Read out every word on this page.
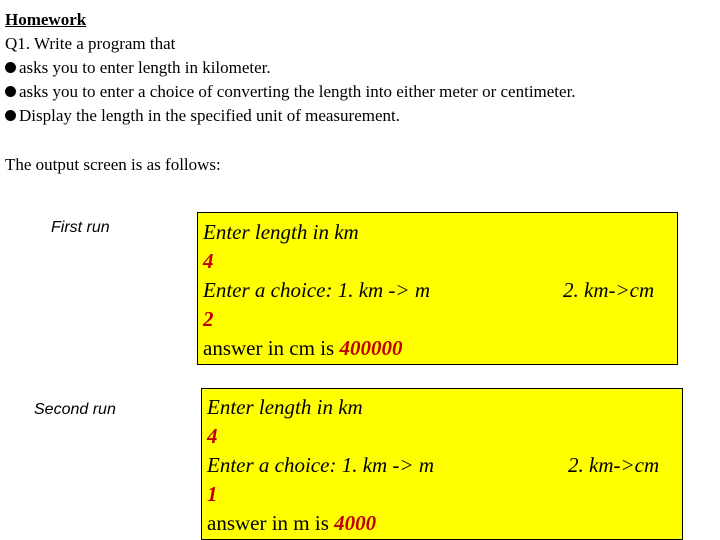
Homework
Q1. Write a program that
asks you to enter length in kilometer.
asks you to enter a choice of converting the length into either meter or centimeter.
Display the length in the specified unit of measurement.
The output screen is as follows:
First run	Enter length in km
4
Enter a choice: 1. km -> m	2. km->cm
2
answer in cm is 400000
Second run	Enter length in km
4
Enter a choice: 1. km -> m	2. km->cm
1
answer in m is 4000
